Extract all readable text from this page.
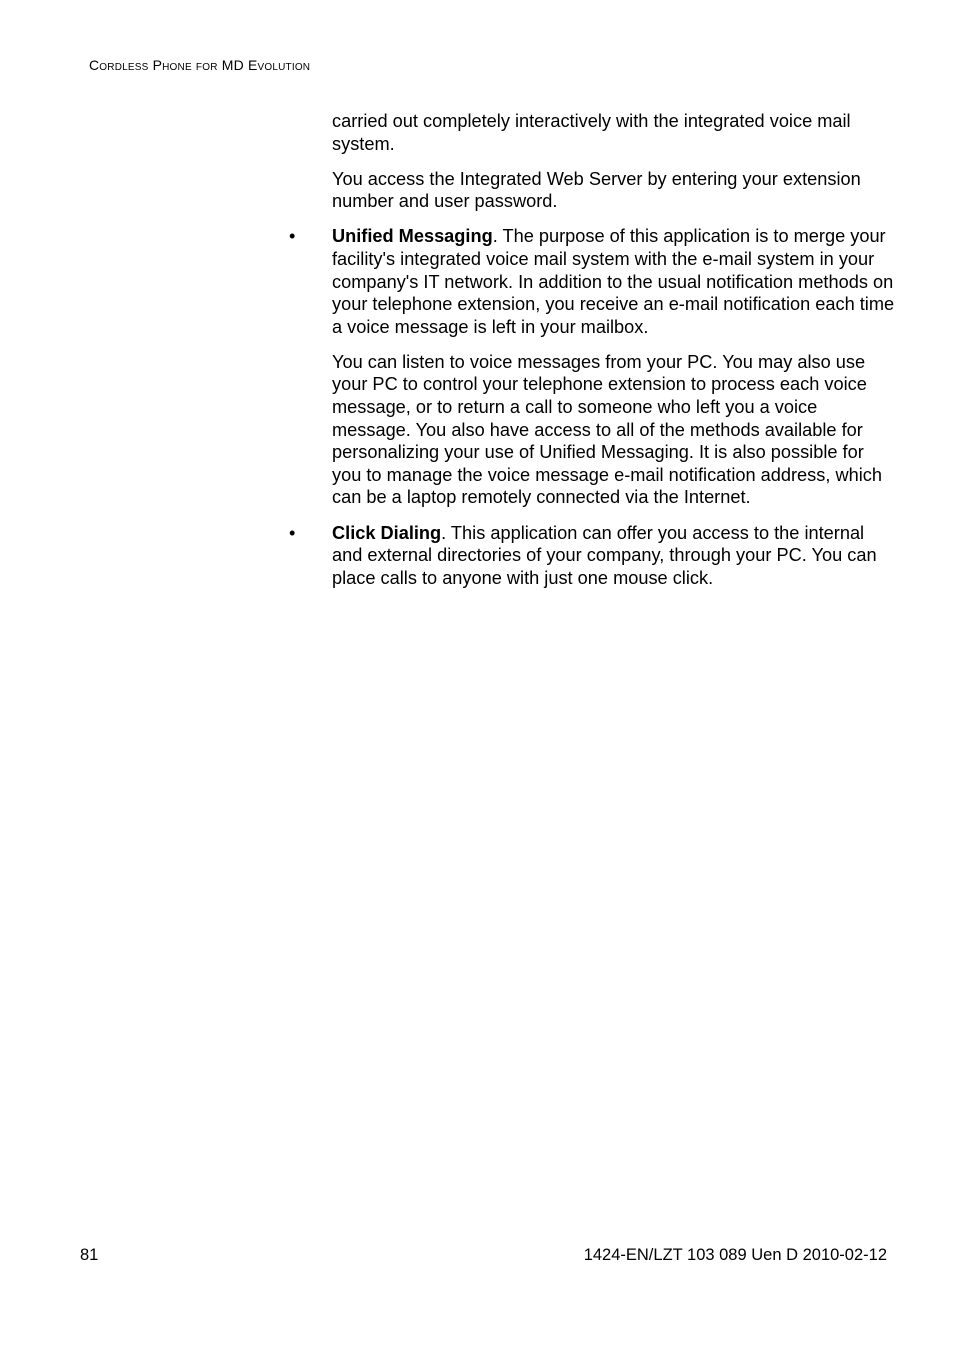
Cordless Phone for MD Evolution

carried out completely interactively with the integrated voice mail system.

You access the Integrated Web Server by entering your extension number and user password.

• Unified Messaging. The purpose of this application is to merge your facility's integrated voice mail system with the e-mail system in your company's IT network. In addition to the usual notification methods on your telephone extension, you receive an e-mail notification each time a voice message is left in your mailbox.

You can listen to voice messages from your PC. You may also use your PC to control your telephone extension to process each voice message, or to return a call to someone who left you a voice message. You also have access to all of the methods available for personalizing your use of Unified Messaging. It is also possible for you to manage the voice message e-mail notification address, which can be a laptop remotely connected via the Internet.

• Click Dialing. This application can offer you access to the internal and external directories of your company, through your PC. You can place calls to anyone with just one mouse click.

81	1424-EN/LZT 103 089 Uen D 2010-02-12
